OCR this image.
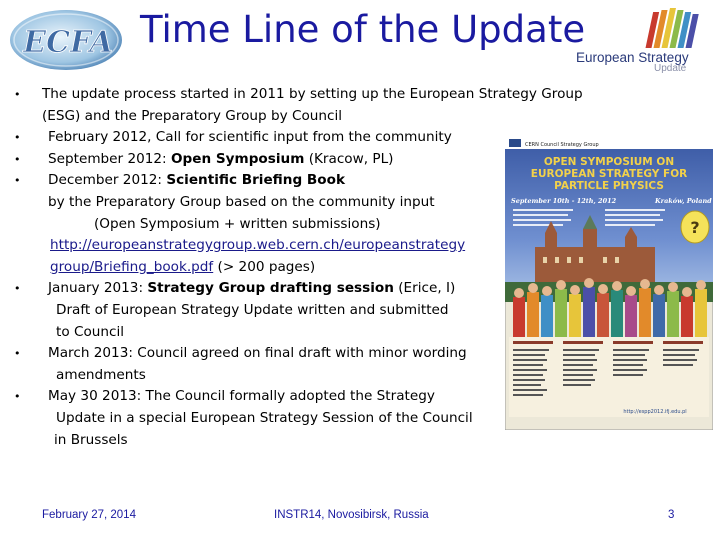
ECFA Time Line of the Update
European Strategy
Update
• The update process started in 2011 by setting up the European Strategy Group
(ESG) and the Preparatory Group by Council
•	February 2012, Call for scientific input from the community
•	September 2012: Open Symposium (Kracow, PL)
•	December 2012: Scientific Briefing Book
by the Preparatory Group based on the community input
(Open Symposium + written submissions)
http://europeanstrategygroup.web.cern.ch/europeanstrategy
group/Briefing_book.pdf (> 200 pages)
•	January 2013: Strategy Group drafting session (Erice, I)
Draft of European Strategy Update written and submitted
to Council
•	March 2013: Council agreed on final draft with minor wording
amendments
•	May 30 2013: The Council formally adopted the Strategy
Update in a special European Strategy Session of the Council
in Brussels
CERN Council Strategy Group
OPEN SYMPOSIUM ON
EUROPEAN STRATEGY FOR
PARTICLE PHYSICS
September 10th - 12th, 2012	Kraków, Poland
?
http://espp2012.ifj.edu.pl
February 27, 2014	INSTR14, Novosibirsk, Russia	3
